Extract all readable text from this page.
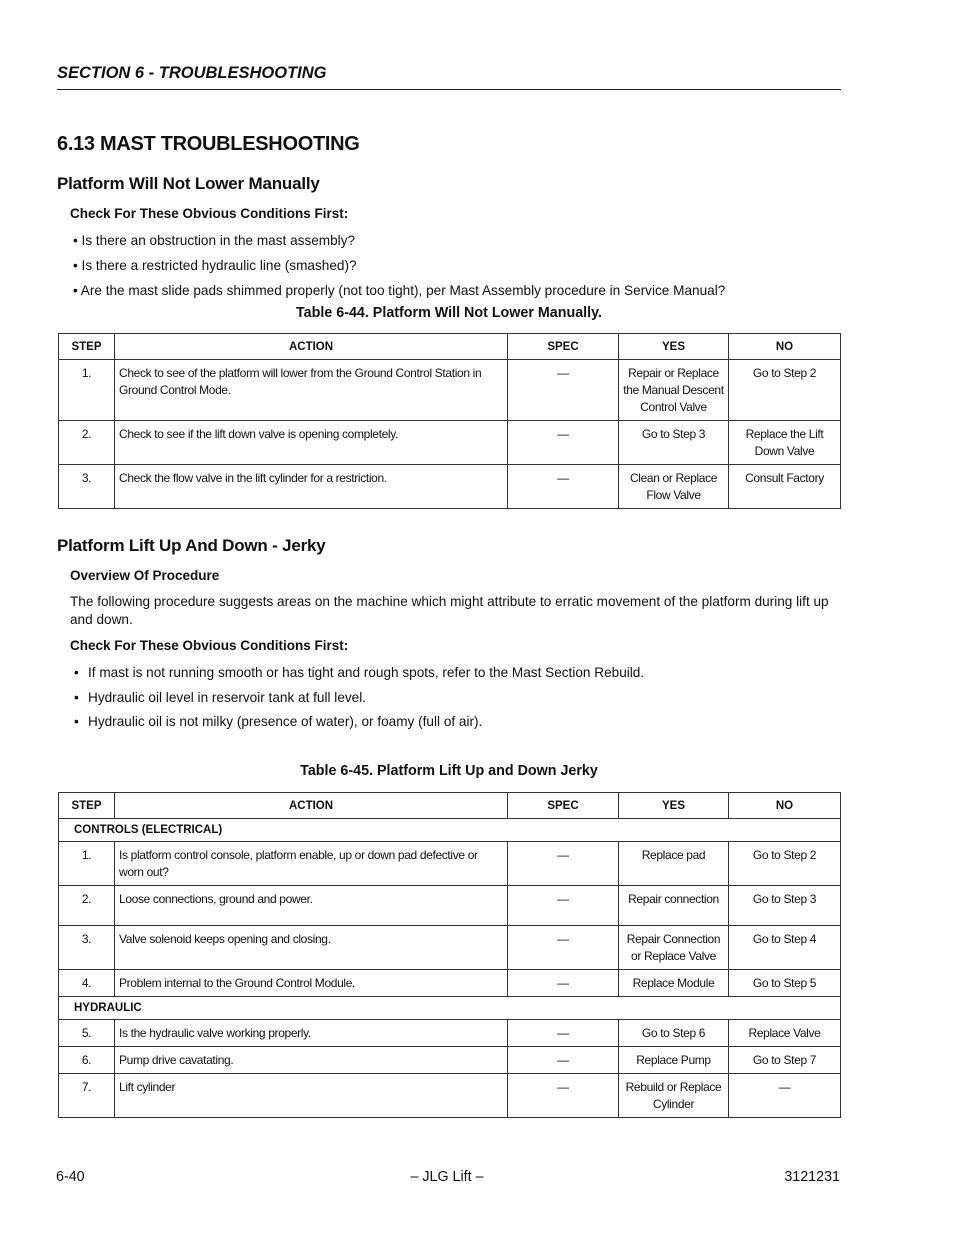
SECTION 6 - TROUBLESHOOTING
6.13 MAST TROUBLESHOOTING
Platform Will Not Lower Manually
Check For These Obvious Conditions First:
• Is there an obstruction in the mast assembly?
• Is there a restricted hydraulic line (smashed)?
• Are the mast slide pads shimmed properly (not too tight), per Mast Assembly procedure in Service Manual?
Table 6-44. Platform Will Not Lower Manually.
STEP	ACTION	SPEC	YES	NO
1.	Check to see of the platform will lower from the Ground Control Station in Ground Control Mode.	—	Repair or Replace the Manual Descent Control Valve	Go to Step 2
2.	Check to see if the lift down valve is opening completely.	—	Go to Step 3	Replace the Lift Down Valve
3.	Check the flow valve in the lift cylinder for a restriction.	—	Clean or Replace Flow Valve	Consult Factory
Platform Lift Up And Down - Jerky
Overview Of Procedure
The following procedure suggests areas on the machine which might attribute to erratic movement of the platform during lift up and down.
Check For These Obvious Conditions First:
• If mast is not running smooth or has tight and rough spots, refer to the Mast Section Rebuild.
• Hydraulic oil level in reservoir tank at full level.
• Hydraulic oil is not milky (presence of water), or foamy (full of air).
Table 6-45. Platform Lift Up and Down Jerky
STEP	ACTION	SPEC	YES	NO
CONTROLS (ELECTRICAL)				
1.	Is platform control console, platform enable, up or down pad defective or worn out?	—	Replace pad	Go to Step 2
2.	Loose connections, ground and power.	—	Repair connection	Go to Step 3
3.	Valve solenoid keeps opening and closing.	—	Repair Connection or Replace Valve	Go to Step 4
4.	Problem internal to the Ground Control Module.	—	Replace Module	Go to Step 5
HYDRAULIC				
5.	Is the hydraulic valve working properly.	—	Go to Step 6	Replace Valve
6.	Pump drive cavatating.	—	Replace Pump	Go to Step 7
7.	Lift cylinder	—	Rebuild or Replace Cylinder	—
6-40	– JLG Lift –	3121231
